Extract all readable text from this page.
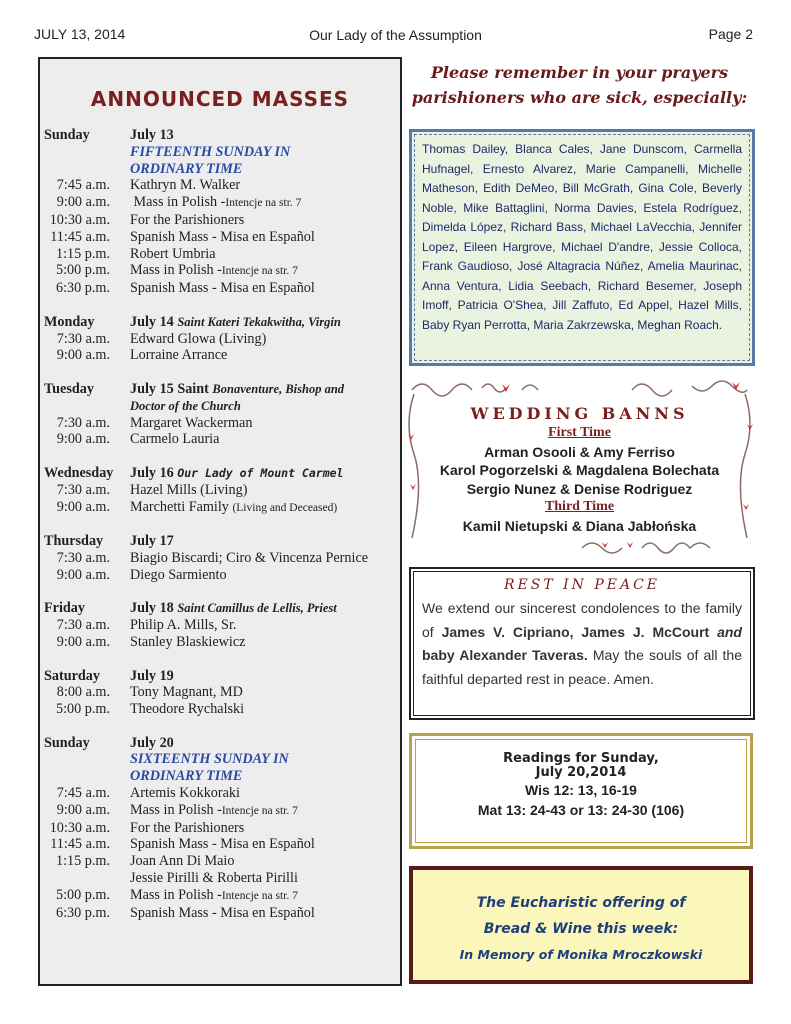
JULY 13, 2014	Our Lady of the Assumption	Page 2
ANNOUNCED MASSES
Sunday	July 13
FIFTEENTH SUNDAY IN
ORDINARY TIME
7:45 a.m.	Kathryn M. Walker
9:00 a.m.	Mass in Polish -Intencje na str. 7
10:30 a.m.	For the Parishioners
11:45 a.m.	Spanish Mass - Misa en Español
1:15 p.m.	Robert Umbria
5:00 p.m.	Mass in Polish -Intencje na str. 7
6:30 p.m.	Spanish Mass - Misa en Español
Monday	July 14 Saint Kateri Tekakwitha, Virgin
7:30 a.m.	Edward Glowa (Living)
9:00 a.m.	Lorraine Arrance
Tuesday	July 15 Saint Bonaventure, Bishop and
Doctor of the Church
7:30 a.m.	Margaret Wackerman
9:00 a.m.	Carmelo Lauria
Wednesday	July 16 Our Lady of Mount Carmel
7:30 a.m.	Hazel Mills (Living)
9:00 a.m.	Marchetti Family (Living and Deceased)
Thursday	July 17
7:30 a.m.	Biagio Biscardi; Ciro & Vincenza Pernice
9:00 a.m.	Diego Sarmiento
Friday	July 18 Saint Camillus de Lellis, Priest
7:30 a.m.	Philip A. Mills, Sr.
9:00 a.m.	Stanley Blaskiewicz
Saturday	July 19
8:00 a.m.	Tony Magnant, MD
5:00 p.m.	Theodore Rychalski
Sunday	July 20
SIXTEENTH SUNDAY IN
ORDINARY TIME
7:45 a.m.	Artemis Kokkoraki
9:00 a.m.	Mass in Polish -Intencje na str. 7
10:30 a.m.	For the Parishioners
11:45 a.m.	Spanish Mass - Misa en Español
1:15 p.m.	Joan Ann Di Maio
Jessie Pirilli & Roberta Pirilli
5:00 p.m.	Mass in Polish -Intencje na str. 7
6:30 p.m.	Spanish Mass - Misa en Español
Please remember in your prayers
parishioners who are sick, especially:

Thomas Dailey, Blanca Cales, Jane Dunscom, Carmella Hufnagel, Ernesto Alvarez, Marie Campanelli, Michelle Matheson, Edith DeMeo, Bill McGrath, Gina Cole, Beverly Noble, Mike Battaglini, Norma Davies, Estela Rodríguez, Dimelda López, Richard Bass, Michael LaVecchia, Jennifer Lopez, Eileen Hargrove, Michael D'andre, Jessie Colloca, Frank Gaudioso, José Altagracia Núñez, Amelia Maurinac, Anna Ventura, Lidia Seebach, Richard Besemer, Joseph Imoff, Patricia O'Shea, Jill Zaffuto, Ed Appel, Hazel Mills, Baby Ryan Perrotta, Maria Zakrzewska, Meghan Roach.

WEDDING BANNS
First Time
Arman Osooli & Amy Ferriso
Karol Pogorzelski & Magdalena Bolechata
Sergio Nunez & Denise Rodriguez
Third Time
Kamil Nietupski & Diana Jabłońska
REST IN PEACE

We extend our sincerest condolences to the family of James V. Cipriano, James J. McCourt and baby Alexander Taveras. May the souls of all the faithful departed rest in peace. Amen.

Readings for Sunday,
July 20,2014
Wis 12: 13, 16-19
Mat 13: 24-43 or 13: 24-30 (106)
The Eucharistic offering of
Bread & Wine this week:
In Memory of Monika Mroczkowski
